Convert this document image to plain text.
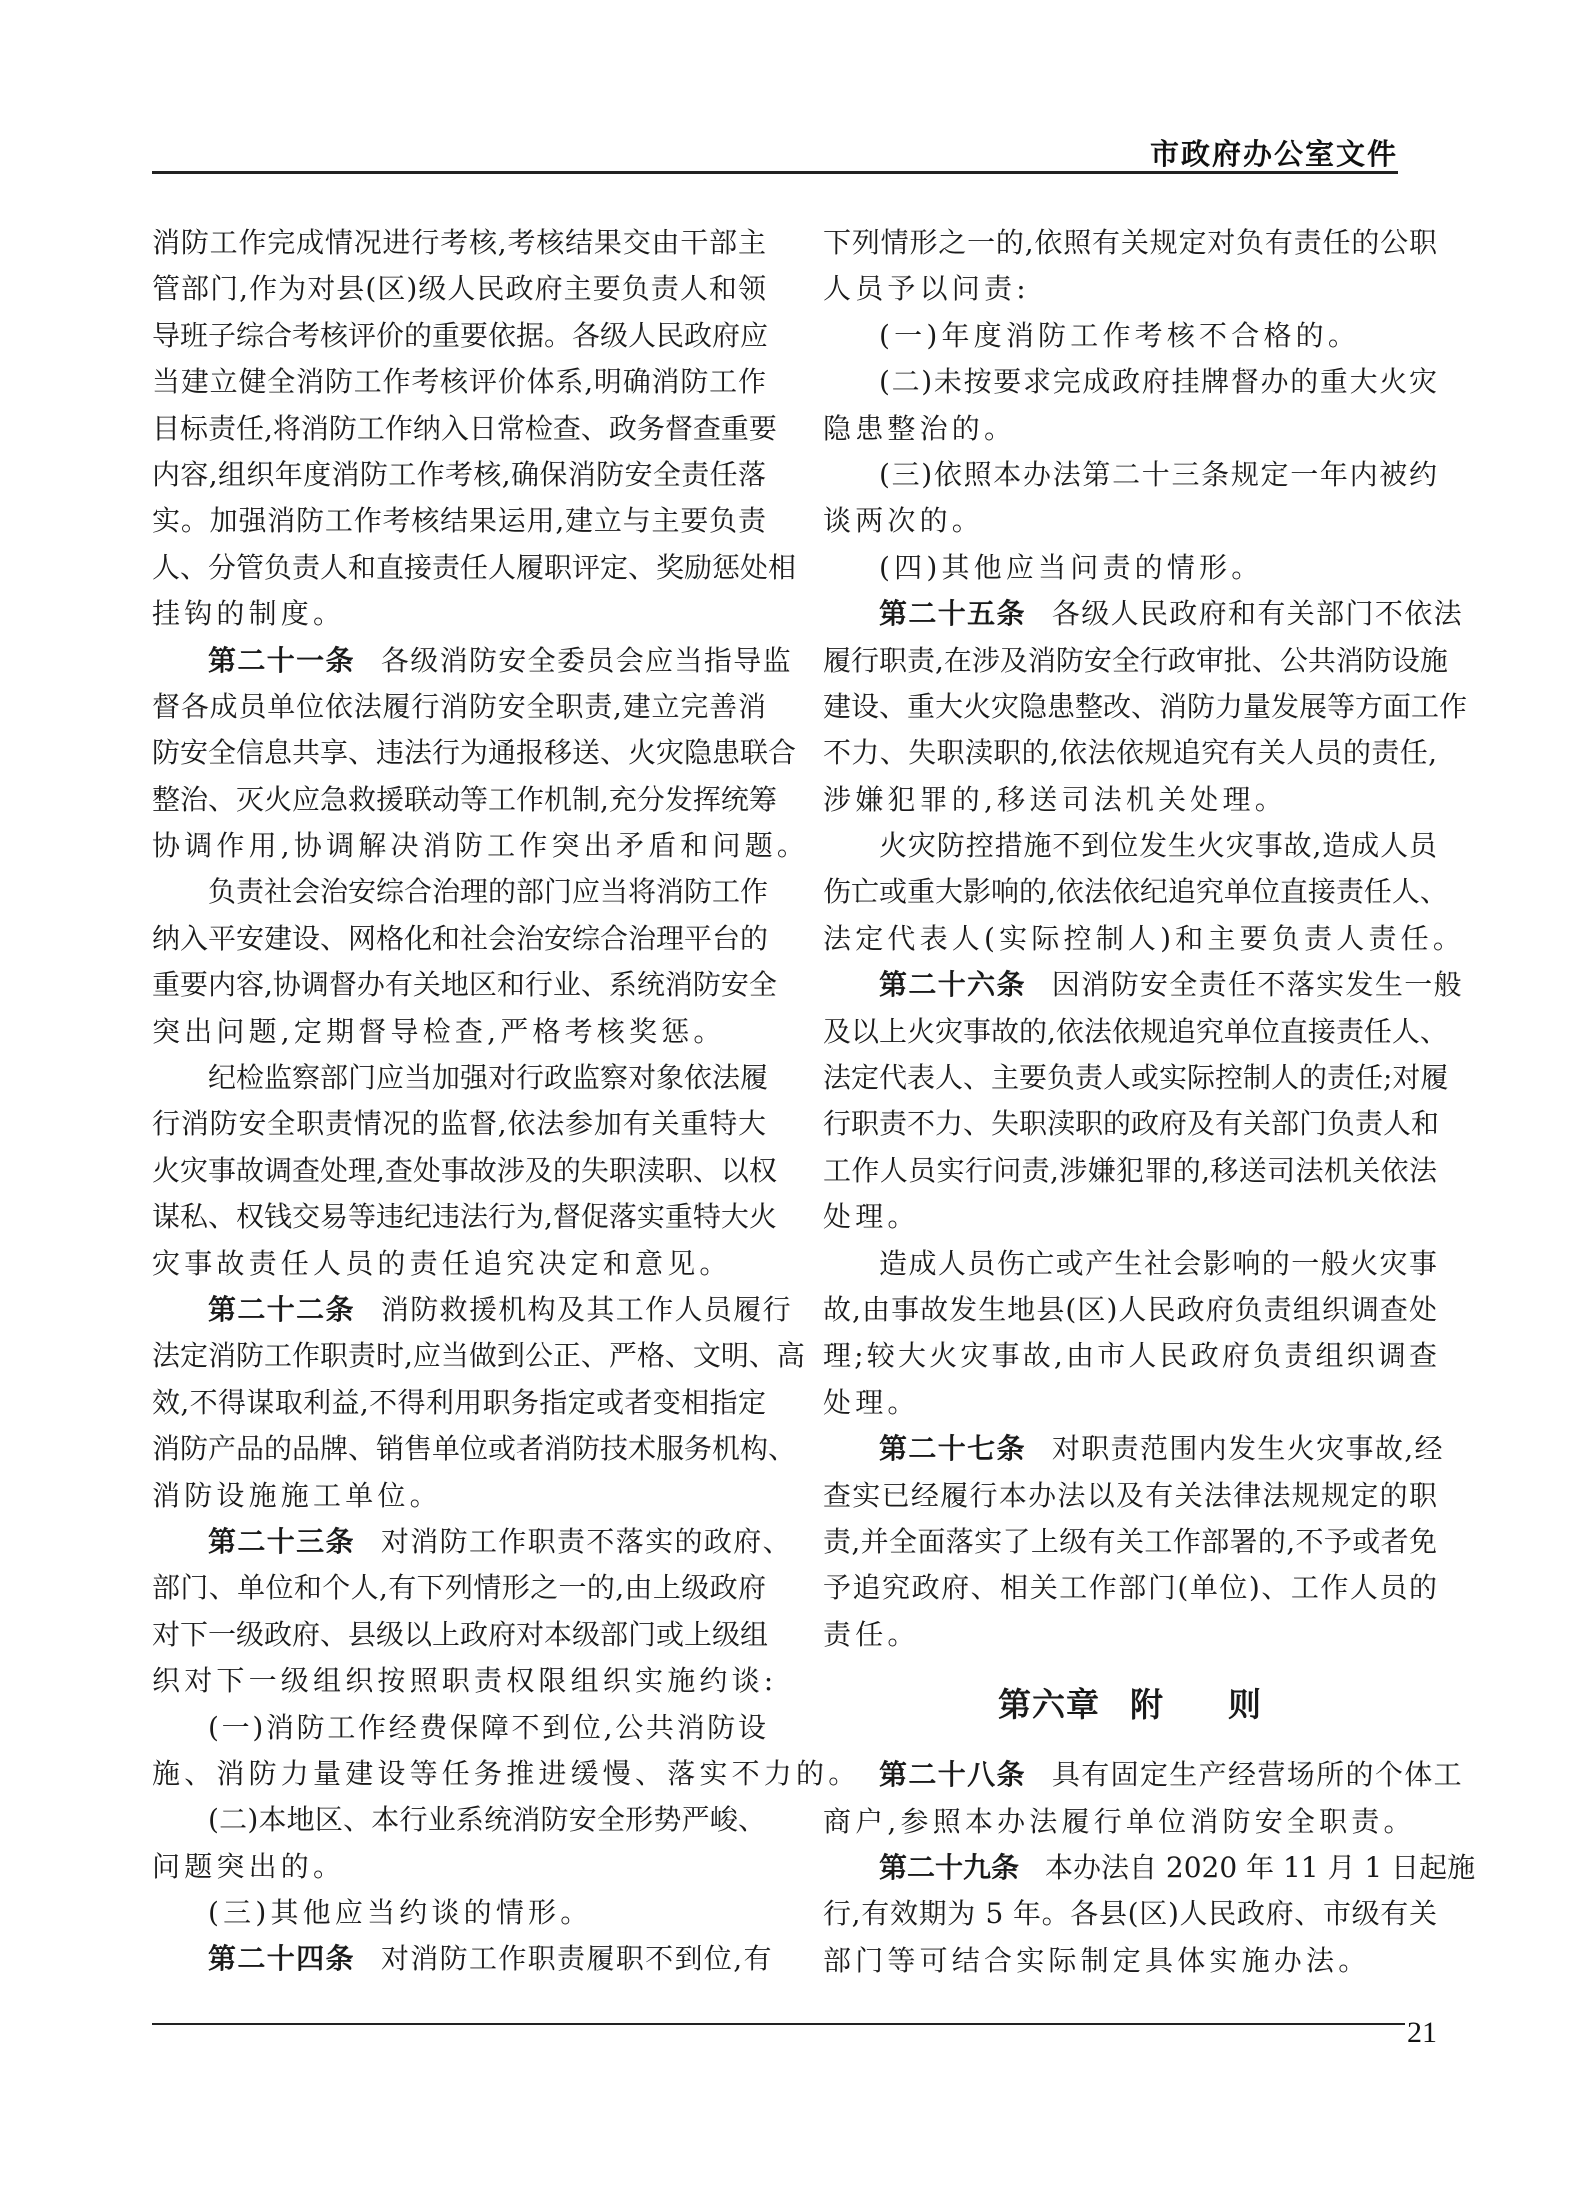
市政府办公室文件
消防工作完成情况进行考核,考核结果交由干部主
管部门,作为对县(区)级人民政府主要负责人和领
导班子综合考核评价的重要依据。各级人民政府应
当建立健全消防工作考核评价体系,明确消防工作
目标责任,将消防工作纳入日常检查、政务督查重要
内容,组织年度消防工作考核,确保消防安全责任落
实。加强消防工作考核结果运用,建立与主要负责
人、分管负责人和直接责任人履职评定、奖励惩处相
挂钩的制度。
第二十一条 各级消防安全委员会应当指导监
督各成员单位依法履行消防安全职责,建立完善消
防安全信息共享、违法行为通报移送、火灾隐患联合
整治、灭火应急救援联动等工作机制,充分发挥统筹
协调作用,协调解决消防工作突出矛盾和问题。
负责社会治安综合治理的部门应当将消防工作
纳入平安建设、网格化和社会治安综合治理平台的
重要内容,协调督办有关地区和行业、系统消防安全
突出问题,定期督导检查,严格考核奖惩。
纪检监察部门应当加强对行政监察对象依法履
行消防安全职责情况的监督,依法参加有关重特大
火灾事故调查处理,查处事故涉及的失职渎职、以权
谋私、权钱交易等违纪违法行为,督促落实重特大火
灾事故责任人员的责任追究决定和意见。
第二十二条 消防救援机构及其工作人员履行
法定消防工作职责时,应当做到公正、严格、文明、高
效,不得谋取利益,不得利用职务指定或者变相指定
消防产品的品牌、销售单位或者消防技术服务机构、
消防设施施工单位。
第二十三条 对消防工作职责不落实的政府、
部门、单位和个人,有下列情形之一的,由上级政府
对下一级政府、县级以上政府对本级部门或上级组
织对下一级组织按照职责权限组织实施约谈:
(一)消防工作经费保障不到位,公共消防设
施、消防力量建设等任务推进缓慢、落实不力的。
(二)本地区、本行业系统消防安全形势严峻、
问题突出的。
(三)其他应当约谈的情形。
第二十四条 对消防工作职责履职不到位,有
下列情形之一的,依照有关规定对负有责任的公职
人员予以问责:
(一)年度消防工作考核不合格的。
(二)未按要求完成政府挂牌督办的重大火灾
隐患整治的。
(三)依照本办法第二十三条规定一年内被约
谈两次的。
(四)其他应当问责的情形。
第二十五条 各级人民政府和有关部门不依法
履行职责,在涉及消防安全行政审批、公共消防设施
建设、重大火灾隐患整改、消防力量发展等方面工作
不力、失职渎职的,依法依规追究有关人员的责任,
涉嫌犯罪的,移送司法机关处理。
火灾防控措施不到位发生火灾事故,造成人员
伤亡或重大影响的,依法依纪追究单位直接责任人、
法定代表人(实际控制人)和主要负责人责任。
第二十六条 因消防安全责任不落实发生一般
及以上火灾事故的,依法依规追究单位直接责任人、
法定代表人、主要负责人或实际控制人的责任;对履
行职责不力、失职渎职的政府及有关部门负责人和
工作人员实行问责,涉嫌犯罪的,移送司法机关依法
处理。
造成人员伤亡或产生社会影响的一般火灾事
故,由事故发生地县(区)人民政府负责组织调查处
理;较大火灾事故,由市人民政府负责组织调查
处理。
第二十七条 对职责范围内发生火灾事故,经
查实已经履行本办法以及有关法律法规规定的职
责,并全面落实了上级有关工作部署的,不予或者免
予追究政府、相关工作部门(单位)、工作人员的
责任。
第六章 附 则
第二十八条 具有固定生产经营场所的个体工
商户,参照本办法履行单位消防安全职责。
第二十九条 本办法自 2020 年 11 月 1 日起施
行,有效期为 5 年。各县(区)人民政府、市级有关
部门等可结合实际制定具体实施办法。
21
